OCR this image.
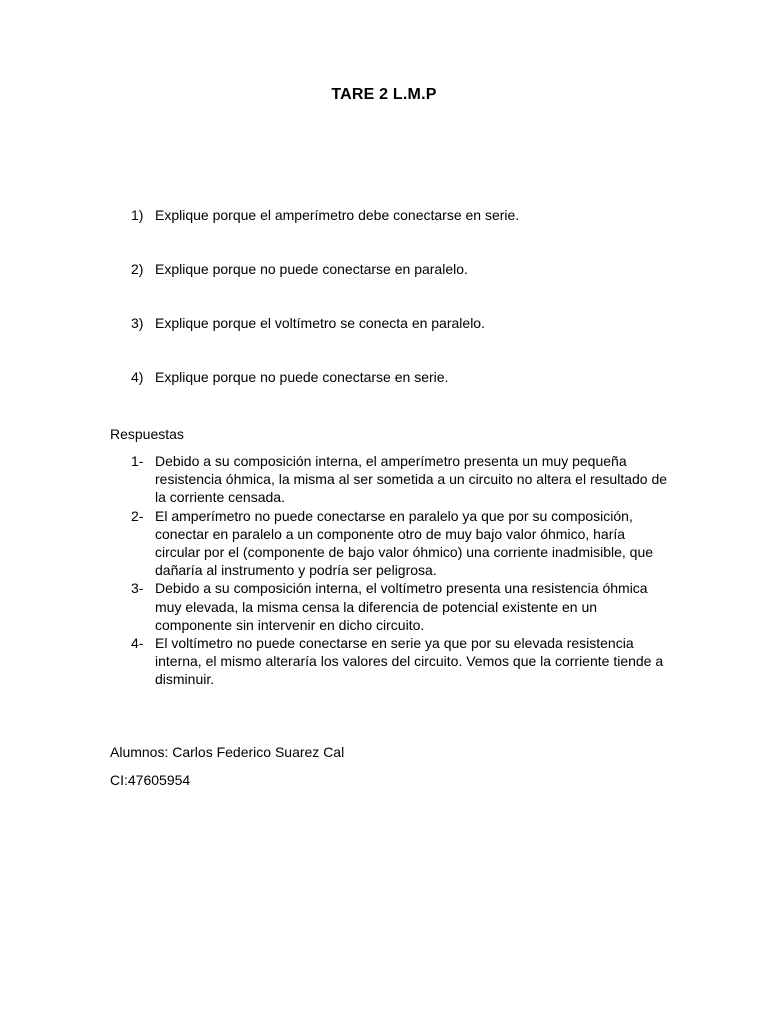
TARE 2 L.M.P
1) Explique porque el amperímetro debe conectarse en serie.
2) Explique porque no puede conectarse en paralelo.
3) Explique porque el voltímetro se conecta en paralelo.
4) Explique porque no puede conectarse en serie.
Respuestas
1- Debido a su composición interna, el amperímetro presenta un muy pequeña resistencia óhmica, la misma al ser sometida a un circuito no altera el resultado de la corriente censada.
2- El amperímetro no puede conectarse en paralelo ya que por su composición, conectar en paralelo a un componente otro de muy bajo valor óhmico, haría circular por el (componente de bajo valor óhmico) una corriente inadmisible, que dañaría al instrumento y podría ser peligrosa.
3- Debido a su composición interna, el voltímetro presenta una resistencia óhmica muy elevada, la misma censa la diferencia de potencial existente en un componente sin intervenir en dicho circuito.
4- El voltímetro no puede conectarse en serie ya que por su elevada resistencia interna, el mismo alteraría los valores del circuito. Vemos que la corriente tiende a disminuir.
Alumnos: Carlos Federico Suarez Cal
CI:47605954
